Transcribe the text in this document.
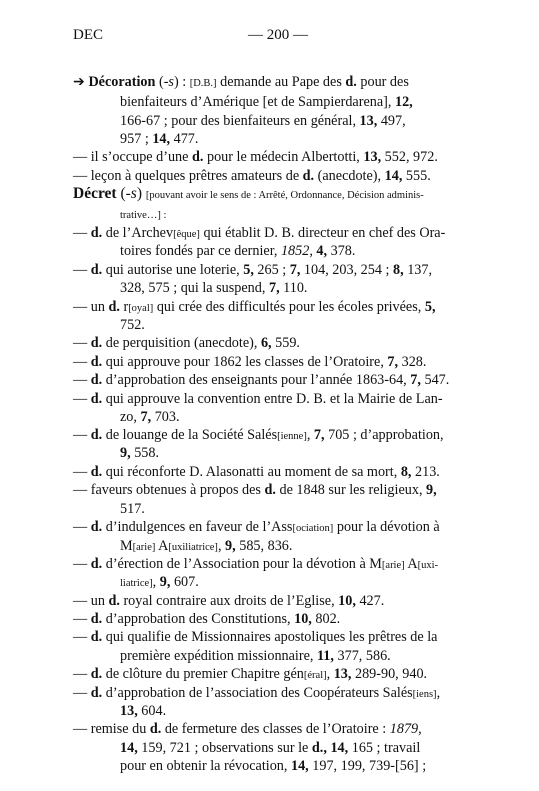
DEC	— 200 —
➔ Décoration (-s) : [D.B.] demande au Pape des d. pour des
bienfaiteurs d’Amérique [et de Sampierdarena], 12,
166-67 ; pour des bienfaiteurs en général, 13, 497,
957 ; 14, 477.
— il s’occupe d’une d. pour le médecin Albertotti, 13, 552, 972.
— leçon à quelques prêtres amateurs de d. (anecdote), 14, 555.
Décret (-s) [pouvant avoir le sens de : Arrêté, Ordonnance, Décision adminis-
trative…] :
— d. de l’Archev[êque] qui établit D. B. directeur en chef des Ora-
toires fondés par ce dernier, 1852, 4, 378.
— d. qui autorise une loterie, 5, 265 ; 7, 104, 203, 254 ; 8, 137,
328, 575 ; qui la suspend, 7, 110.
— un d. r[oyal] qui crée des difficultés pour les écoles privées, 5,
752.
— d. de perquisition (anecdote), 6, 559.
— d. qui approuve pour 1862 les classes de l’Oratoire, 7, 328.
— d. d’approbation des enseignants pour l’année 1863-64, 7, 547.
— d. qui approuve la convention entre D. B. et la Mairie de Lan-
zo, 7, 703.
— d. de louange de la Société Salés[ienne], 7, 705 ; d’approbation,
9, 558.
— d. qui réconforte D. Alasonatti au moment de sa mort, 8, 213.
— faveurs obtenues à propos des d. de 1848 sur les religieux, 9,
517.
— d. d’indulgences en faveur de l’Ass[ociation] pour la dévotion à
M[arie] A[uxiliatrice], 9, 585, 836.
— d. d’érection de l’Association pour la dévotion à M[arie] A[uxi-
liatrice], 9, 607.
— un d. royal contraire aux droits de l’Eglise, 10, 427.
— d. d’approbation des Constitutions, 10, 802.
— d. qui qualifie de Missionnaires apostoliques les prêtres de la
première expédition missionnaire, 11, 377, 586.
— d. de clôture du premier Chapitre gén[éral], 13, 289-90, 940.
— d. d’approbation de l’association des Coopérateurs Salés[iens],
13, 604.
— remise du d. de fermeture des classes de l’Oratoire : 1879,
14, 159, 721 ; observations sur le d., 14, 165 ; travail
pour en obtenir la révocation, 14, 197, 199, 739-[56] ;
